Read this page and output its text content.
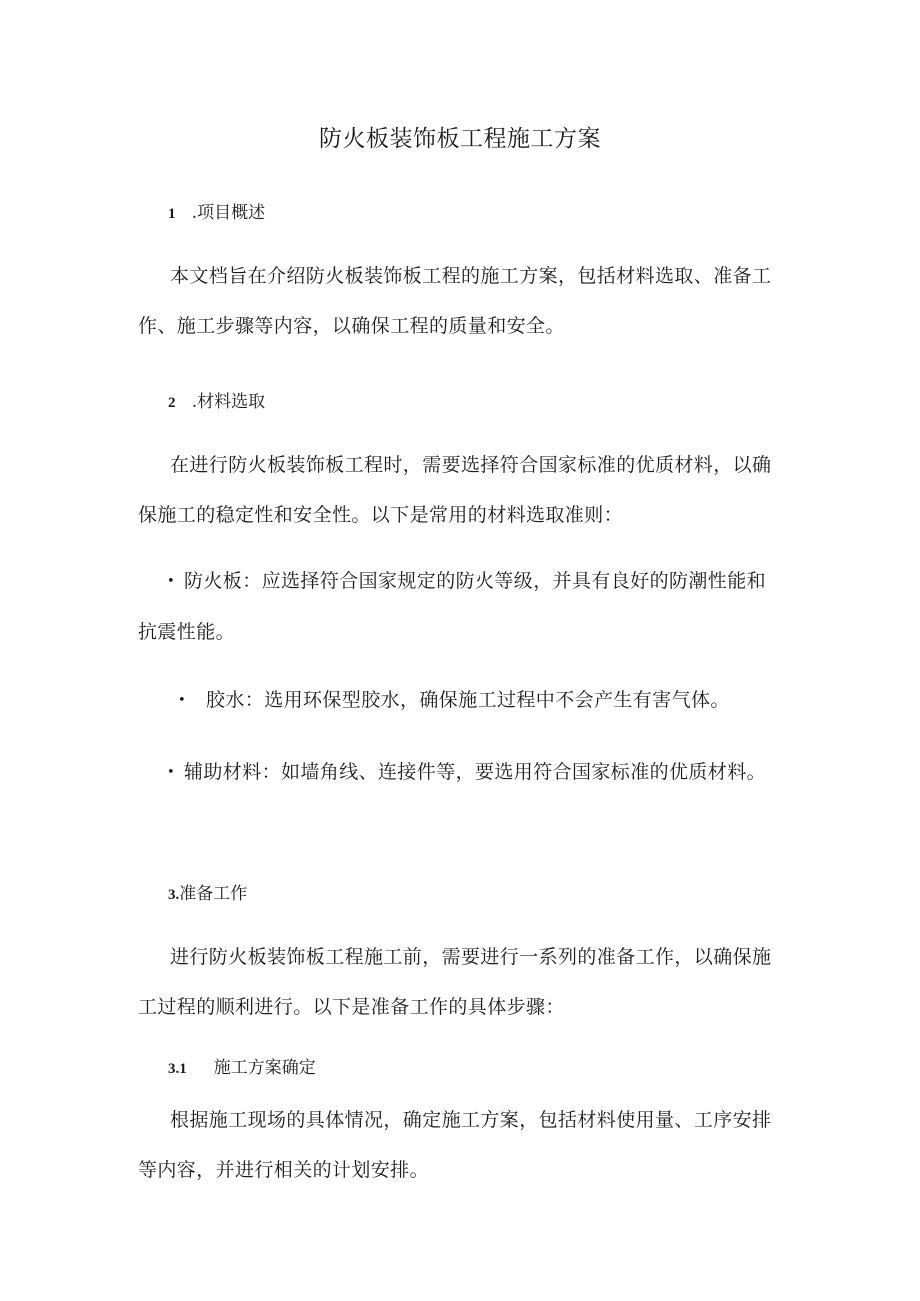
防火板装饰板工程施工方案
1 .项目概述

本文档旨在介绍防火板装饰板工程的施工方案，包括材料选取、准备工作、施工步骤等内容，以确保工程的质量和安全。

2 .材料选取

在进行防火板装饰板工程时，需要选择符合国家标准的优质材料，以确保施工的稳定性和安全性。以下是常用的材料选取准则：

• 防火板：应选择符合国家规定的防火等级，并具有良好的防潮性能和抗震性能。

• 胶水：选用环保型胶水，确保施工过程中不会产生有害气体。

• 辅助材料：如墙角线、连接件等，要选用符合国家标准的优质材料。

3.准备工作

进行防火板装饰板工程施工前，需要进行一系列的准备工作，以确保施工过程的顺利进行。以下是准备工作的具体步骤：

3.1 施工方案确定

根据施工现场的具体情况，确定施工方案，包括材料使用量、工序安排等内容，并进行相关的计划安排。
